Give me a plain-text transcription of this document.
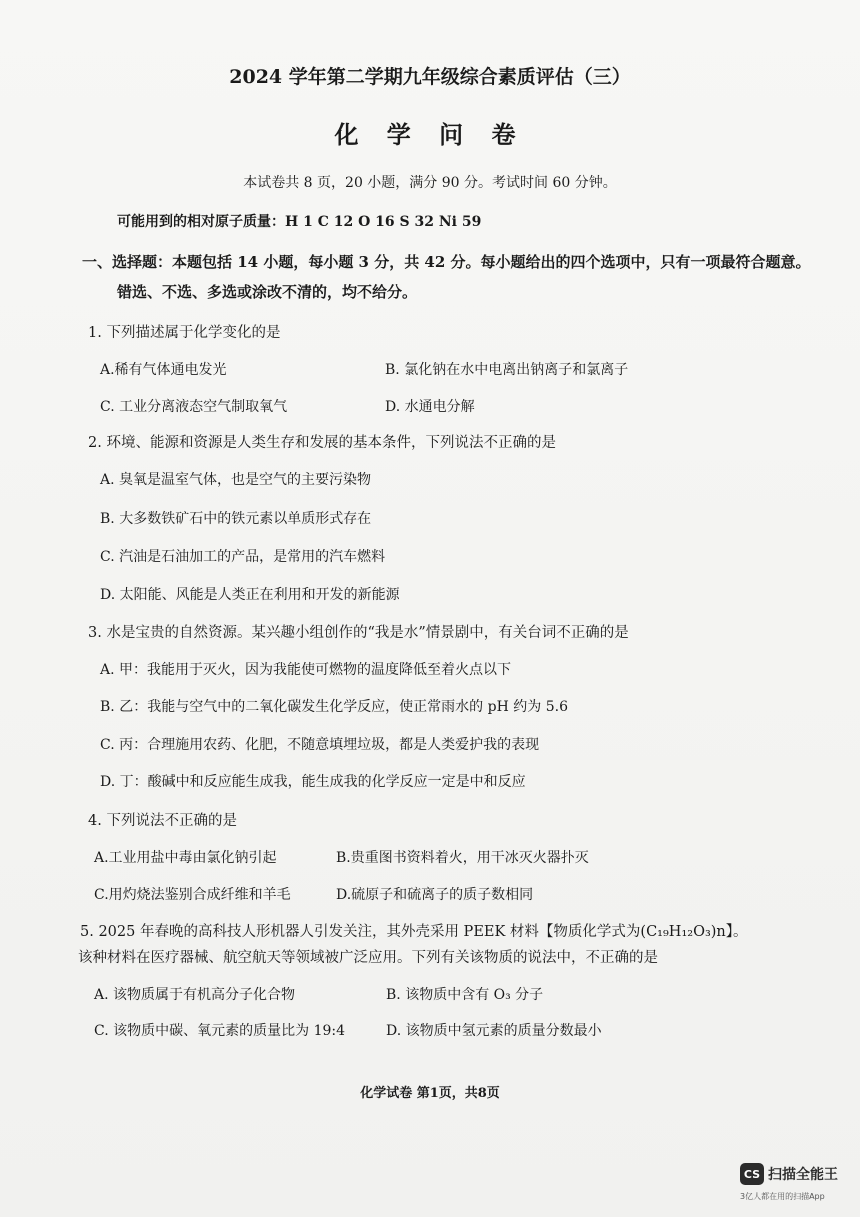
2024 学年第二学期九年级综合素质评估（三）
化 学 问 卷
本试卷共 8 页，20 小题，满分 90 分。考试时间 60 分钟。
可能用到的相对原子质量：H 1 C 12 O 16 S 32 Ni 59
一、选择题：本题包括 14 小题，每小题 3 分，共 42 分。每小题给出的四个选项中，只有一项最符合题意。
错选、不选、多选或涂改不清的，均不给分。
1. 下列描述属于化学变化的是
A.稀有气体通电发光	B. 氯化钠在水中电离出钠离子和氯离子
C. 工业分离液态空气制取氧气	D. 水通电分解
2. 环境、能源和资源是人类生存和发展的基本条件，下列说法不正确的是
A. 臭氧是温室气体，也是空气的主要污染物
B. 大多数铁矿石中的铁元素以单质形式存在
C. 汽油是石油加工的产品，是常用的汽车燃料
D. 太阳能、风能是人类正在利用和开发的新能源
3. 水是宝贵的自然资源。某兴趣小组创作的“我是水”情景剧中，有关台词不正确的是
A. 甲：我能用于灭火，因为我能使可燃物的温度降低至着火点以下
B. 乙：我能与空气中的二氧化碳发生化学反应，使正常雨水的 pH 约为 5.6
C. 丙：合理施用农药、化肥，不随意填埋垃圾，都是人类爱护我的表现
D. 丁：酸碱中和反应能生成我，能生成我的化学反应一定是中和反应
4. 下列说法不正确的是
A.工业用盐中毒由氯化钠引起	B.贵重图书资料着火，用干冰灭火器扑灭
C.用灼烧法鉴别合成纤维和羊毛	D.硫原子和硫离子的质子数相同
5. 2025 年春晚的高科技人形机器人引发关注，其外壳采用 PEEK 材料【物质化学式为(C₁₉H₁₂O₃)n】。
该种材料在医疗器械、航空航天等领域被广泛应用。下列有关该物质的说法中，不正确的是
A. 该物质属于有机高分子化合物	B. 该物质中含有 O₃ 分子
C. 该物质中碳、氧元素的质量比为 19:4	D. 该物质中氢元素的质量分数最小
化学试卷 第1页，共8页
CS 扫描全能王
3亿人都在用的扫描App
